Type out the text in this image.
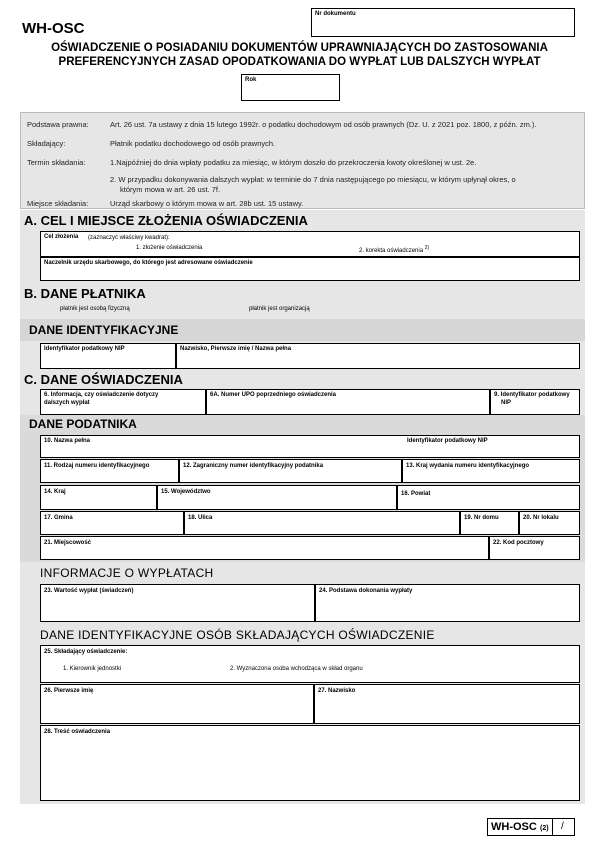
WH-OSC
Nr dokumentu
OŚWIADCZENIE O POSIADANIU DOKUMENTÓW UPRAWNIAJĄCYCH DO ZASTOSOWANIA
PREFERENCYJNYCH ZASAD OPODATKOWANIA DO WYPŁAT LUB DALSZYCH WYPŁAT
Rok
Podstawa prawna:	Art. 26 ust. 7a ustawy z dnia 15 lutego 1992r. o podatku dochodowym od osób prawnych (Dz. U. z 2021 poz. 1800, z późn. zm.).
Składający:	Płatnik podatku dochodowego od osób prawnych.
Termin składania:	1.Najpóźniej do dnia wpłaty podatku za miesiąc, w którym doszło do przekroczenia kwoty określonej w ust. 2e.
2. W przypadku dokonywania dalszych wypłat: w terminie do 7 dnia następującego po miesiącu, w którym upłynął okres, o
którym mowa w art. 26 ust. 7f.
Miejsce składania:	Urząd skarbowy o którym mowa w art. 28b ust. 15 ustawy.
A. CEL I MIEJSCE ZŁOŻENIA OŚWIADCZENIA
Cel złożenia (zaznaczyć właściwy kwadrat):
1. złożenie oświadczenia	2. korekta oświadczenia $^{2)}$
Naczelnik urzędu skarbowego, do którego jest adresowane oświadczenie
B. DANE PŁATNIKA
płatnik jest osobą fizyczną	płatnik jest organizacją
DANE IDENTYFIKACYJNE
Identyfikator podatkowy NIP	Nazwisko, Pierwsze imię / Nazwa pełna
C. DANE OŚWIADCZENIA
6. Informacja, czy oświadczenie dotyczy
dalszych wypłat
6A. Numer UPO poprzedniego oświadczenia	9. Identyfikator podatkowy
NIP
DANE PODATNIKA
10. Nazwa pełna	Identyfikator podatkowy NIP
11. Rodzaj numeru identyfikacyjnego	12. Zagraniczny numer identyfikacyjny podatnika	13. Kraj wydania numeru identyfikacyjnego
14. Kraj	15. Województwo	16. Powiat
17. Gmina	18. Ulica	19. Nr domu	20. Nr lokalu
21. Miejscowość	22. Kod pocztowy
INFORMACJE O WYPŁATACH
23. Wartość wypłat (świadczeń)	24. Podstawa dokonania wypłaty
DANE IDENTYFIKACYJNE OSÓB SKŁADAJĄCYCH OŚWIADCZENIE
25. Składający oświadczenie:
1. Kierownik jednostki	2. Wyznaczona osoba wchodząca w skład organu
26. Pierwsze imię	27. Nazwisko
28. Treść oświadczenia
WH-OSC (2) /
